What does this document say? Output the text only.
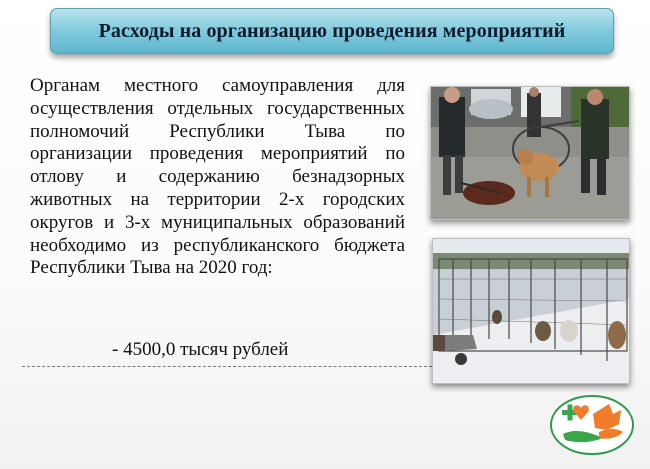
Расходы на организацию проведения мероприятий
Органам местного самоуправления для осуществления отдельных государственных полномочий Республики Тыва по организации проведения мероприятий по отлову и содержанию безнадзорных животных на территории 2-х городских округов и 3-х муниципальных образований необходимо из республиканского бюджета Республики Тыва на 2020 год:
- 4500,0 тысяч рублей
